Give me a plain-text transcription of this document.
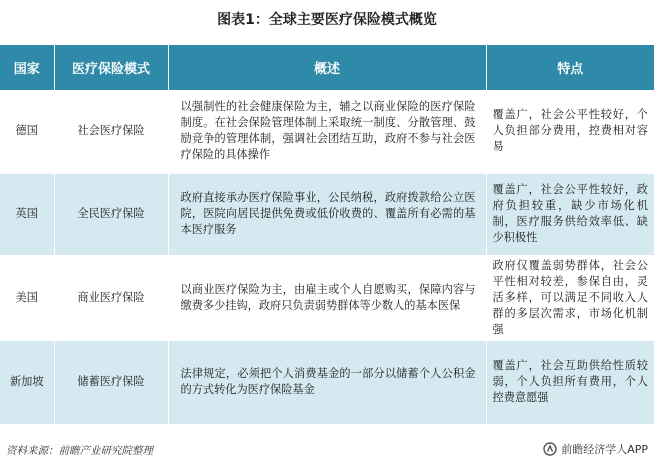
图表1：全球主要医疗保险模式概览
国家	医疗保险模式	概述	特点
德国	社会医疗保险	以强制性的社会健康保险为主，辅之以商业保险的医疗保险制度。在社会保险管理体制上采取统一制度、分散管理、鼓励竞争的管理体制，强调社会团结互助，政府不参与社会医疗保险的具体操作	覆盖广，社会公平性较好，个人负担部分费用，控费相对容易
英国	全民医疗保险	政府直接承办医疗保险事业，公民纳税，政府拨款给公立医院，医院向居民提供免费或低价收费的、覆盖所有必需的基本医疗服务	覆盖广，社会公平性较好，政府负担较重，缺少市场化机制，医疗服务供给效率低、缺少积极性
美国	商业医疗保险	以商业医疗保险为主，由雇主或个人自愿购买，保障内容与缴费多少挂钩，政府只负责弱势群体等少数人的基本医保	政府仅覆盖弱势群体，社会公平性相对较差，参保自由，灵活多样，可以满足不同收入人群的多层次需求，市场化机制强
新加坡	储蓄医疗保险	法律规定，必须把个人消费基金的一部分以储蓄个人公积金的方式转化为医疗保险基金	覆盖广，社会互助供给性质较弱，个人负担所有费用，个人控费意愿强
资料来源：前瞻产业研究院整理	前瞻经济学人APP
